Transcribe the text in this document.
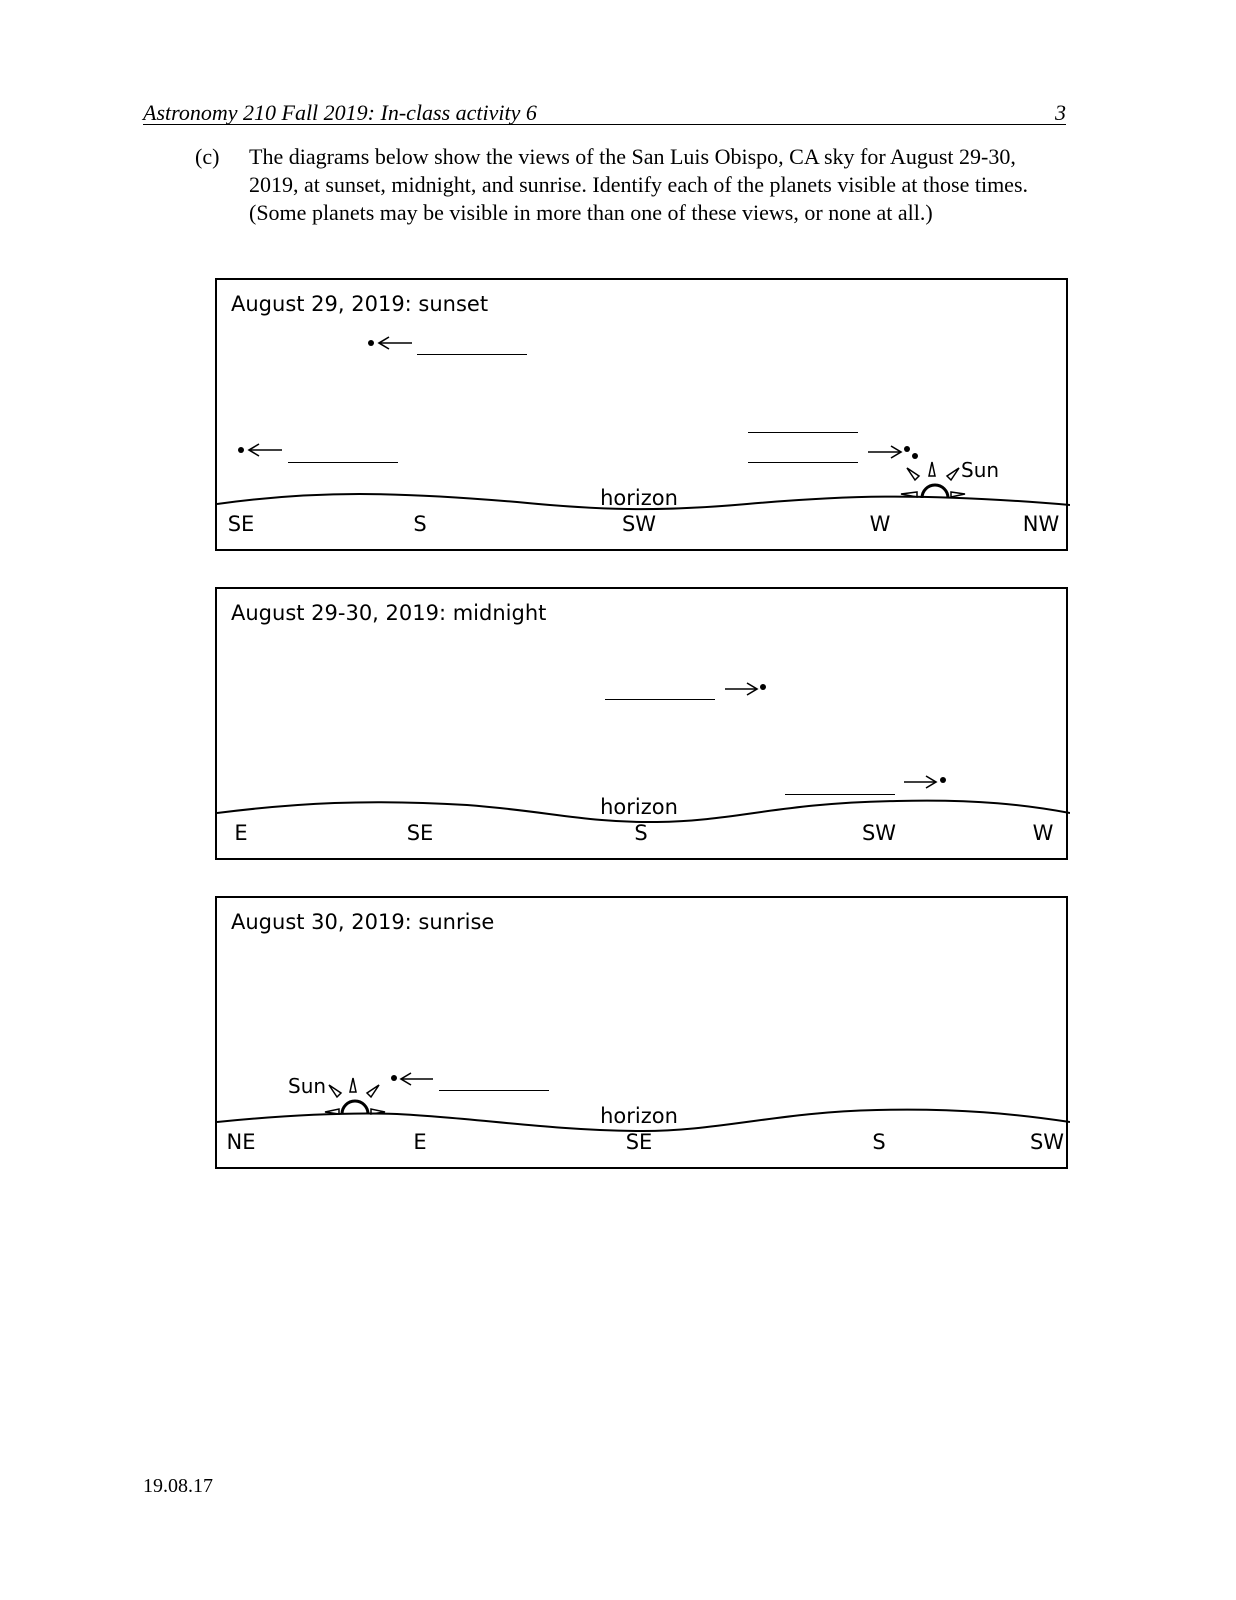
Astronomy 210 Fall 2019: In-class activity 6	3
(c) The diagrams below show the views of the San Luis Obispo, CA sky for August 29-30, 2019, at sunset, midnight, and sunrise. Identify each of the planets visible at those times. (Some planets may be visible in more than one of these views, or none at all.)
August 29, 2019: sunset
Sun
horizon
SE	S	SW	W	NW
August 29-30, 2019: midnight
horizon
E	SE	S	SW	W
August 30, 2019: sunrise
Sun
horizon
NE	E	SE	S	SW
19.08.17
